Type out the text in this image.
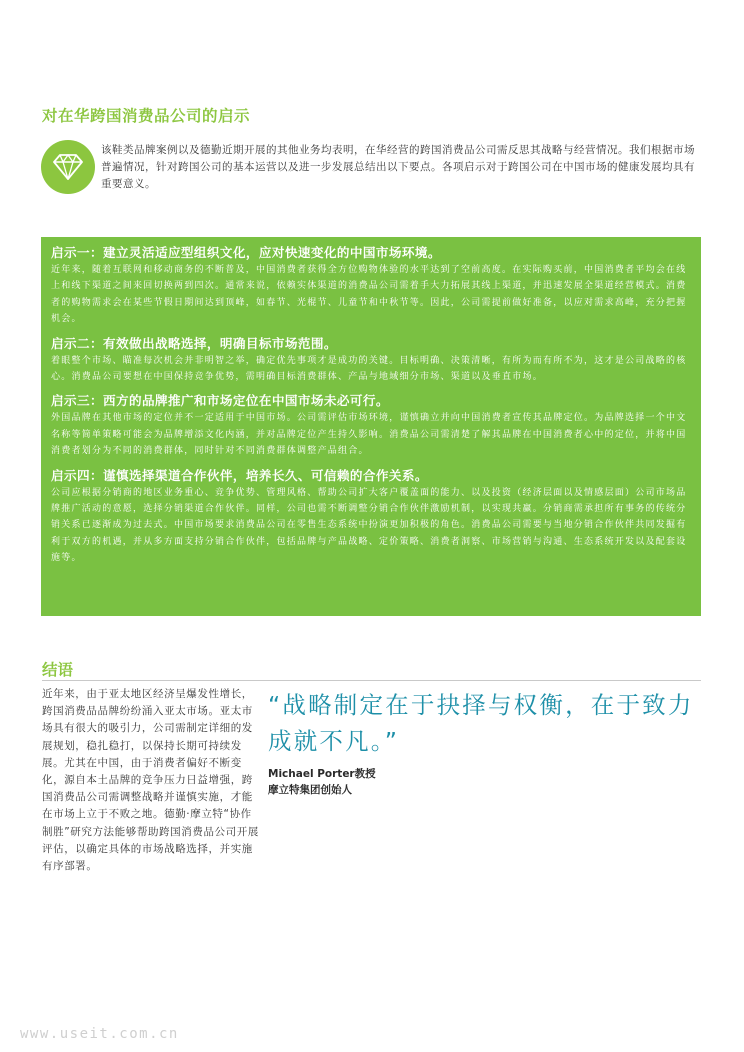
对在华跨国消费品公司的启示

该鞋类品牌案例以及德勤近期开展的其他业务均表明，在华经营的跨国消费品公司需反思其战略与经营情况。我们根据市场普遍情况，针对跨国公司的基本运营以及进一步发展总结出以下要点。各项启示对于跨国公司在中国市场的健康发展均具有重要意义。

启示一：建立灵活适应型组织文化，应对快速变化的中国市场环境。

近年来，随着互联网和移动商务的不断普及，中国消费者获得全方位购物体验的水平达到了空前高度。在实际购买前，中国消费者平均会在线上和线下渠道之间来回切换两到四次。通常来说，依赖实体渠道的消费品公司需着手大力拓展其线上渠道，并迅速发展全渠道经营模式。消费者的购物需求会在某些节假日期间达到顶峰，如春节、光棍节、儿童节和中秋节等。因此，公司需提前做好准备，以应对需求高峰，充分把握机会。

启示二：有效做出战略选择，明确目标市场范围。

着眼整个市场、瞄准每次机会并非明智之举，确定优先事项才是成功的关键。目标明确、决策清晰，有所为而有所不为，这才是公司战略的核心。消费品公司要想在中国保持竞争优势，需明确目标消费群体、产品与地域细分市场、渠道以及垂直市场。

启示三：西方的品牌推广和市场定位在中国市场未必可行。

外国品牌在其他市场的定位并不一定适用于中国市场。公司需评估市场环境，谨慎确立并向中国消费者宣传其品牌定位。为品牌选择一个中文名称等简单策略可能会为品牌增添文化内涵，并对品牌定位产生持久影响。消费品公司需清楚了解其品牌在中国消费者心中的定位，并将中国消费者划分为不同的消费群体，同时针对不同消费群体调整产品组合。

启示四：谨慎选择渠道合作伙伴，培养长久、可信赖的合作关系。

公司应根据分销商的地区业务重心、竞争优势、管理风格、帮助公司扩大客户覆盖面的能力、以及投资（经济层面以及情感层面）公司市场品牌推广活动的意愿，选择分销渠道合作伙伴。同样，公司也需不断调整分销合作伙伴激励机制，以实现共赢。分销商需承担所有事务的传统分销关系已逐渐成为过去式。中国市场要求消费品公司在零售生态系统中扮演更加积极的角色。消费品公司需要与当地分销合作伙伴共同发掘有利于双方的机遇，并从多方面支持分销合作伙伴，包括品牌与产品战略、定价策略、消费者洞察、市场营销与沟通、生态系统开发以及配套设施等。

结语

近年来，由于亚太地区经济呈爆发性增长，跨国消费品品牌纷纷涌入亚太市场。亚太市场具有很大的吸引力，公司需制定详细的发展规划，稳扎稳打，以保持长期可持续发展。尤其在中国，由于消费者偏好不断变化，源自本土品牌的竞争压力日益增强，跨国消费品公司需调整战略并谨慎实施，才能在市场上立于不败之地。德勤·摩立特“协作制胜”研究方法能够帮助跨国消费品公司开展评估，以确定具体的市场战略选择，并实施有序部署。

“战略制定在于抉择与权衡，在于致力成就不凡。”

Michael Porter教授
摩立特集团创始人
www.useit.com.cn
